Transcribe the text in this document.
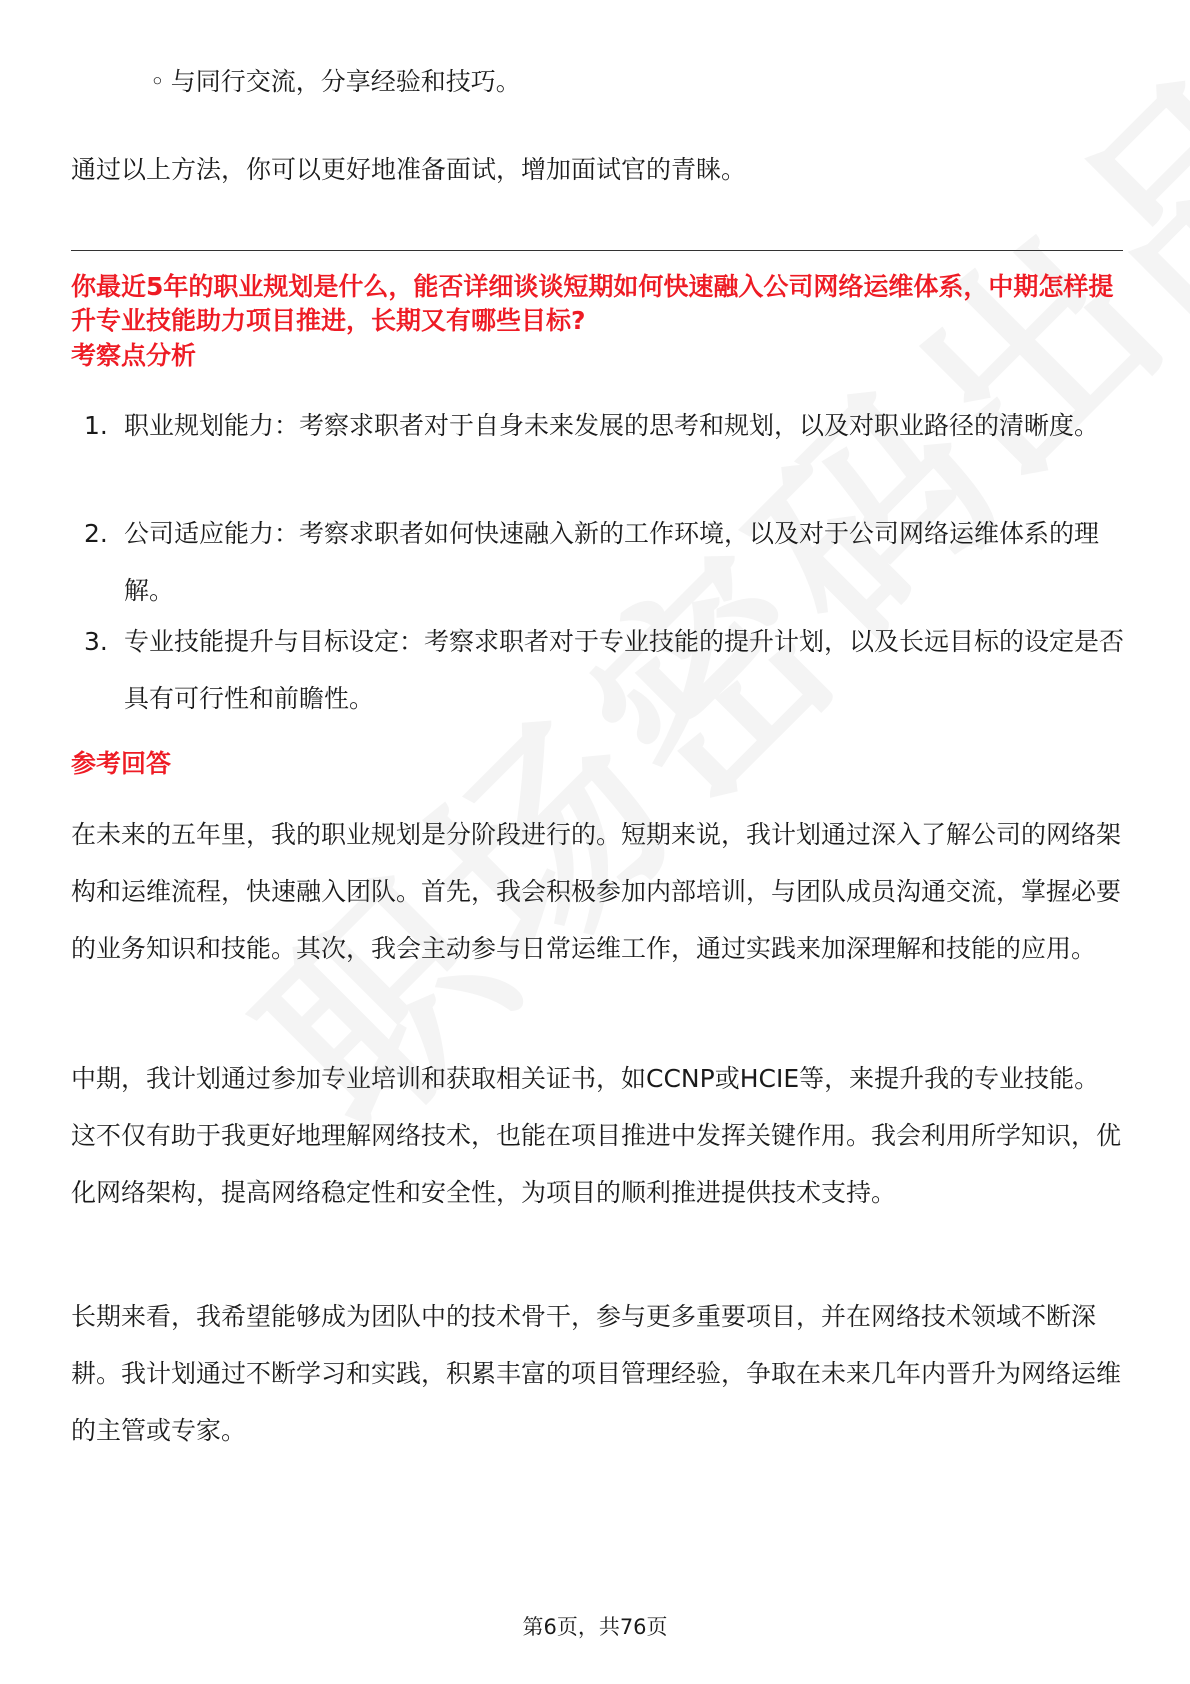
◦ 与同行交流，分享经验和技巧。
通过以上方法，你可以更好地准备面试，增加面试官的青睐。

你最近5年的职业规划是什么，能否详细谈谈短期如何快速融入公司网络运维体系，中期怎样提升专业技能助力项目推进，长期又有哪些目标?

考察点分析
1. 职业规划能力：考察求职者对于自身未来发展的思考和规划，以及对职业路径的清晰度。
2. 公司适应能力：考察求职者如何快速融入新的工作环境，以及对于公司网络运维体系的理解。
3. 专业技能提升与目标设定：考察求职者对于专业技能的提升计划，以及长远目标的设定是否具有可行性和前瞻性。
参考回答

在未来的五年里，我的职业规划是分阶段进行的。短期来说，我计划通过深入了解公司的网络架构和运维流程，快速融入团队。首先，我会积极参加内部培训，与团队成员沟通交流，掌握必要的业务知识和技能。其次，我会主动参与日常运维工作，通过实践来加深理解和技能的应用。

中期，我计划通过参加专业培训和获取相关证书，如CCNP或HCIE等，来提升我的专业技能。这不仅有助于我更好地理解网络技术，也能在项目推进中发挥关键作用。我会利用所学知识，优化网络架构，提高网络稳定性和安全性，为项目的顺利推进提供技术支持。

长期来看，我希望能够成为团队中的技术骨干，参与更多重要项目，并在网络技术领域不断深耕。我计划通过不断学习和实践，积累丰富的项目管理经验，争取在未来几年内晋升为网络运维的主管或专家。

第6页，共76页
